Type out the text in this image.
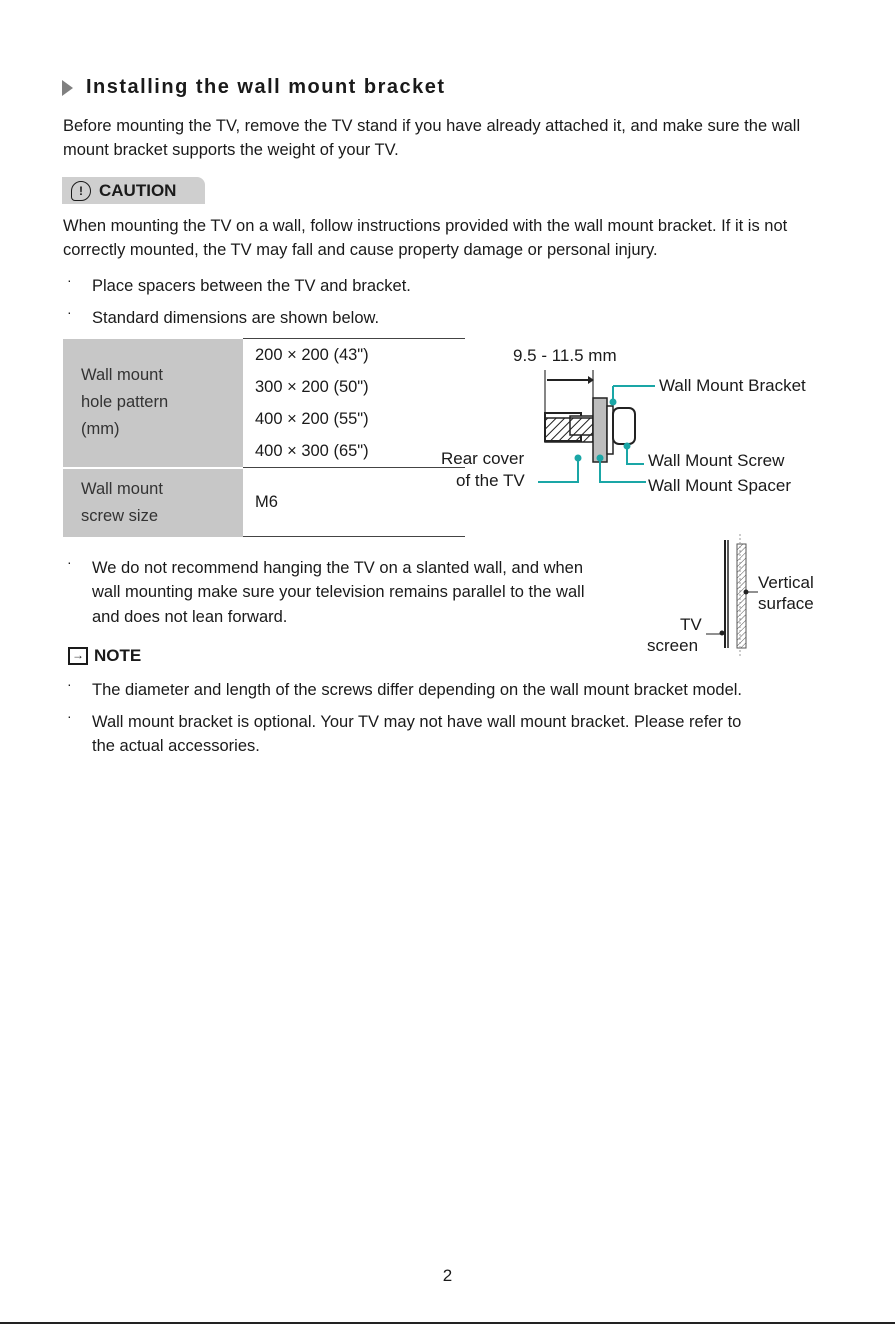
Installing the wall mount bracket
Before mounting the TV, remove the TV stand if you have already attached it, and make sure the wall mount bracket supports the weight of your TV.
! CAUTION
When mounting the TV on a wall, follow instructions provided with the wall mount bracket. If it is not correctly mounted, the TV may fall and cause property damage or personal injury.
· Place spacers between the TV and bracket.
· Standard dimensions are shown below.
Wall mount
hole pattern
(mm)	200 × 200 (43")
	300 × 200 (50")
	400 × 200 (55")
	400 × 300 (65")

Wall mount
screw size	M6
9.5 - 11.5 mm
Wall Mount Bracket
Wall Mount Screw
Wall Mount Spacer
Rear cover
of the TV
· We do not recommend hanging the TV on a slanted wall, and when
wall mounting make sure your television remains parallel to the wall
and does not lean forward.
Vertical
surface
TV
screen
→ NOTE
· The diameter and length of the screws differ depending on the wall mount bracket model.
· Wall mount bracket is optional. Your TV may not have wall mount bracket. Please refer to
the actual accessories.
2
